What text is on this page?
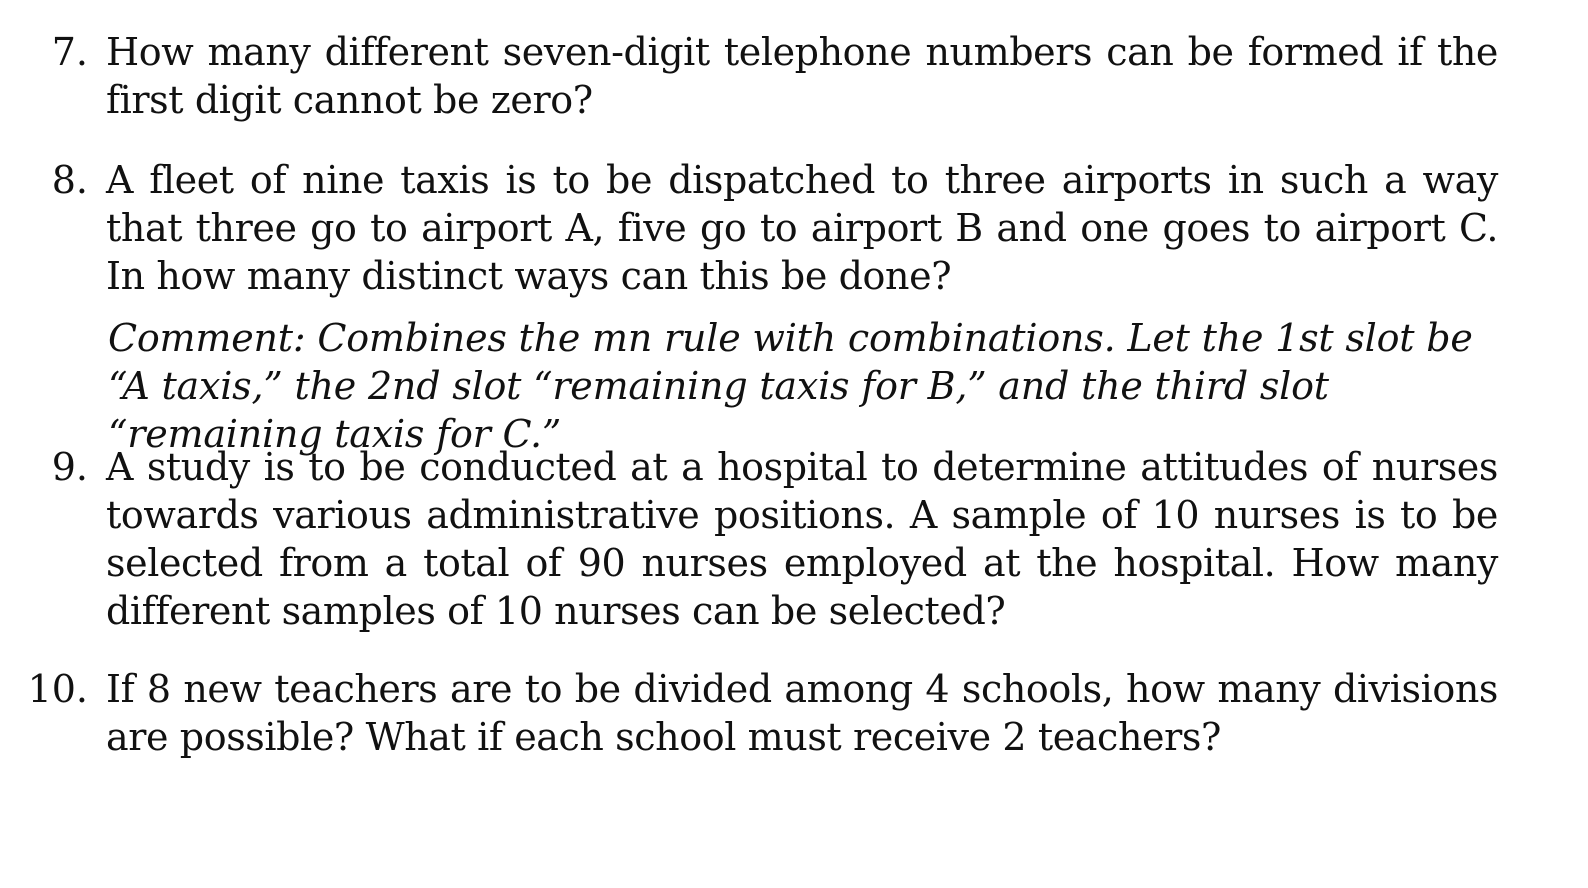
7. How many different seven-digit telephone numbers can be formed if the first digit cannot be zero?
8. A fleet of nine taxis is to be dispatched to three airports in such a way that three go to airport A, five go to airport B and one goes to airport C. In how many distinct ways can this be done?
Comment: Combines the mn rule with combinations. Let the 1st slot be “A taxis,” the 2nd slot “remaining taxis for B,” and the third slot “remaining taxis for C.”
9. A study is to be conducted at a hospital to determine attitudes of nurses towards various administrative positions. A sample of 10 nurses is to be selected from a total of 90 nurses employed at the hospital. How many different samples of 10 nurses can be selected?
10. If 8 new teachers are to be divided among 4 schools, how many divisions are possible? What if each school must receive 2 teachers?
